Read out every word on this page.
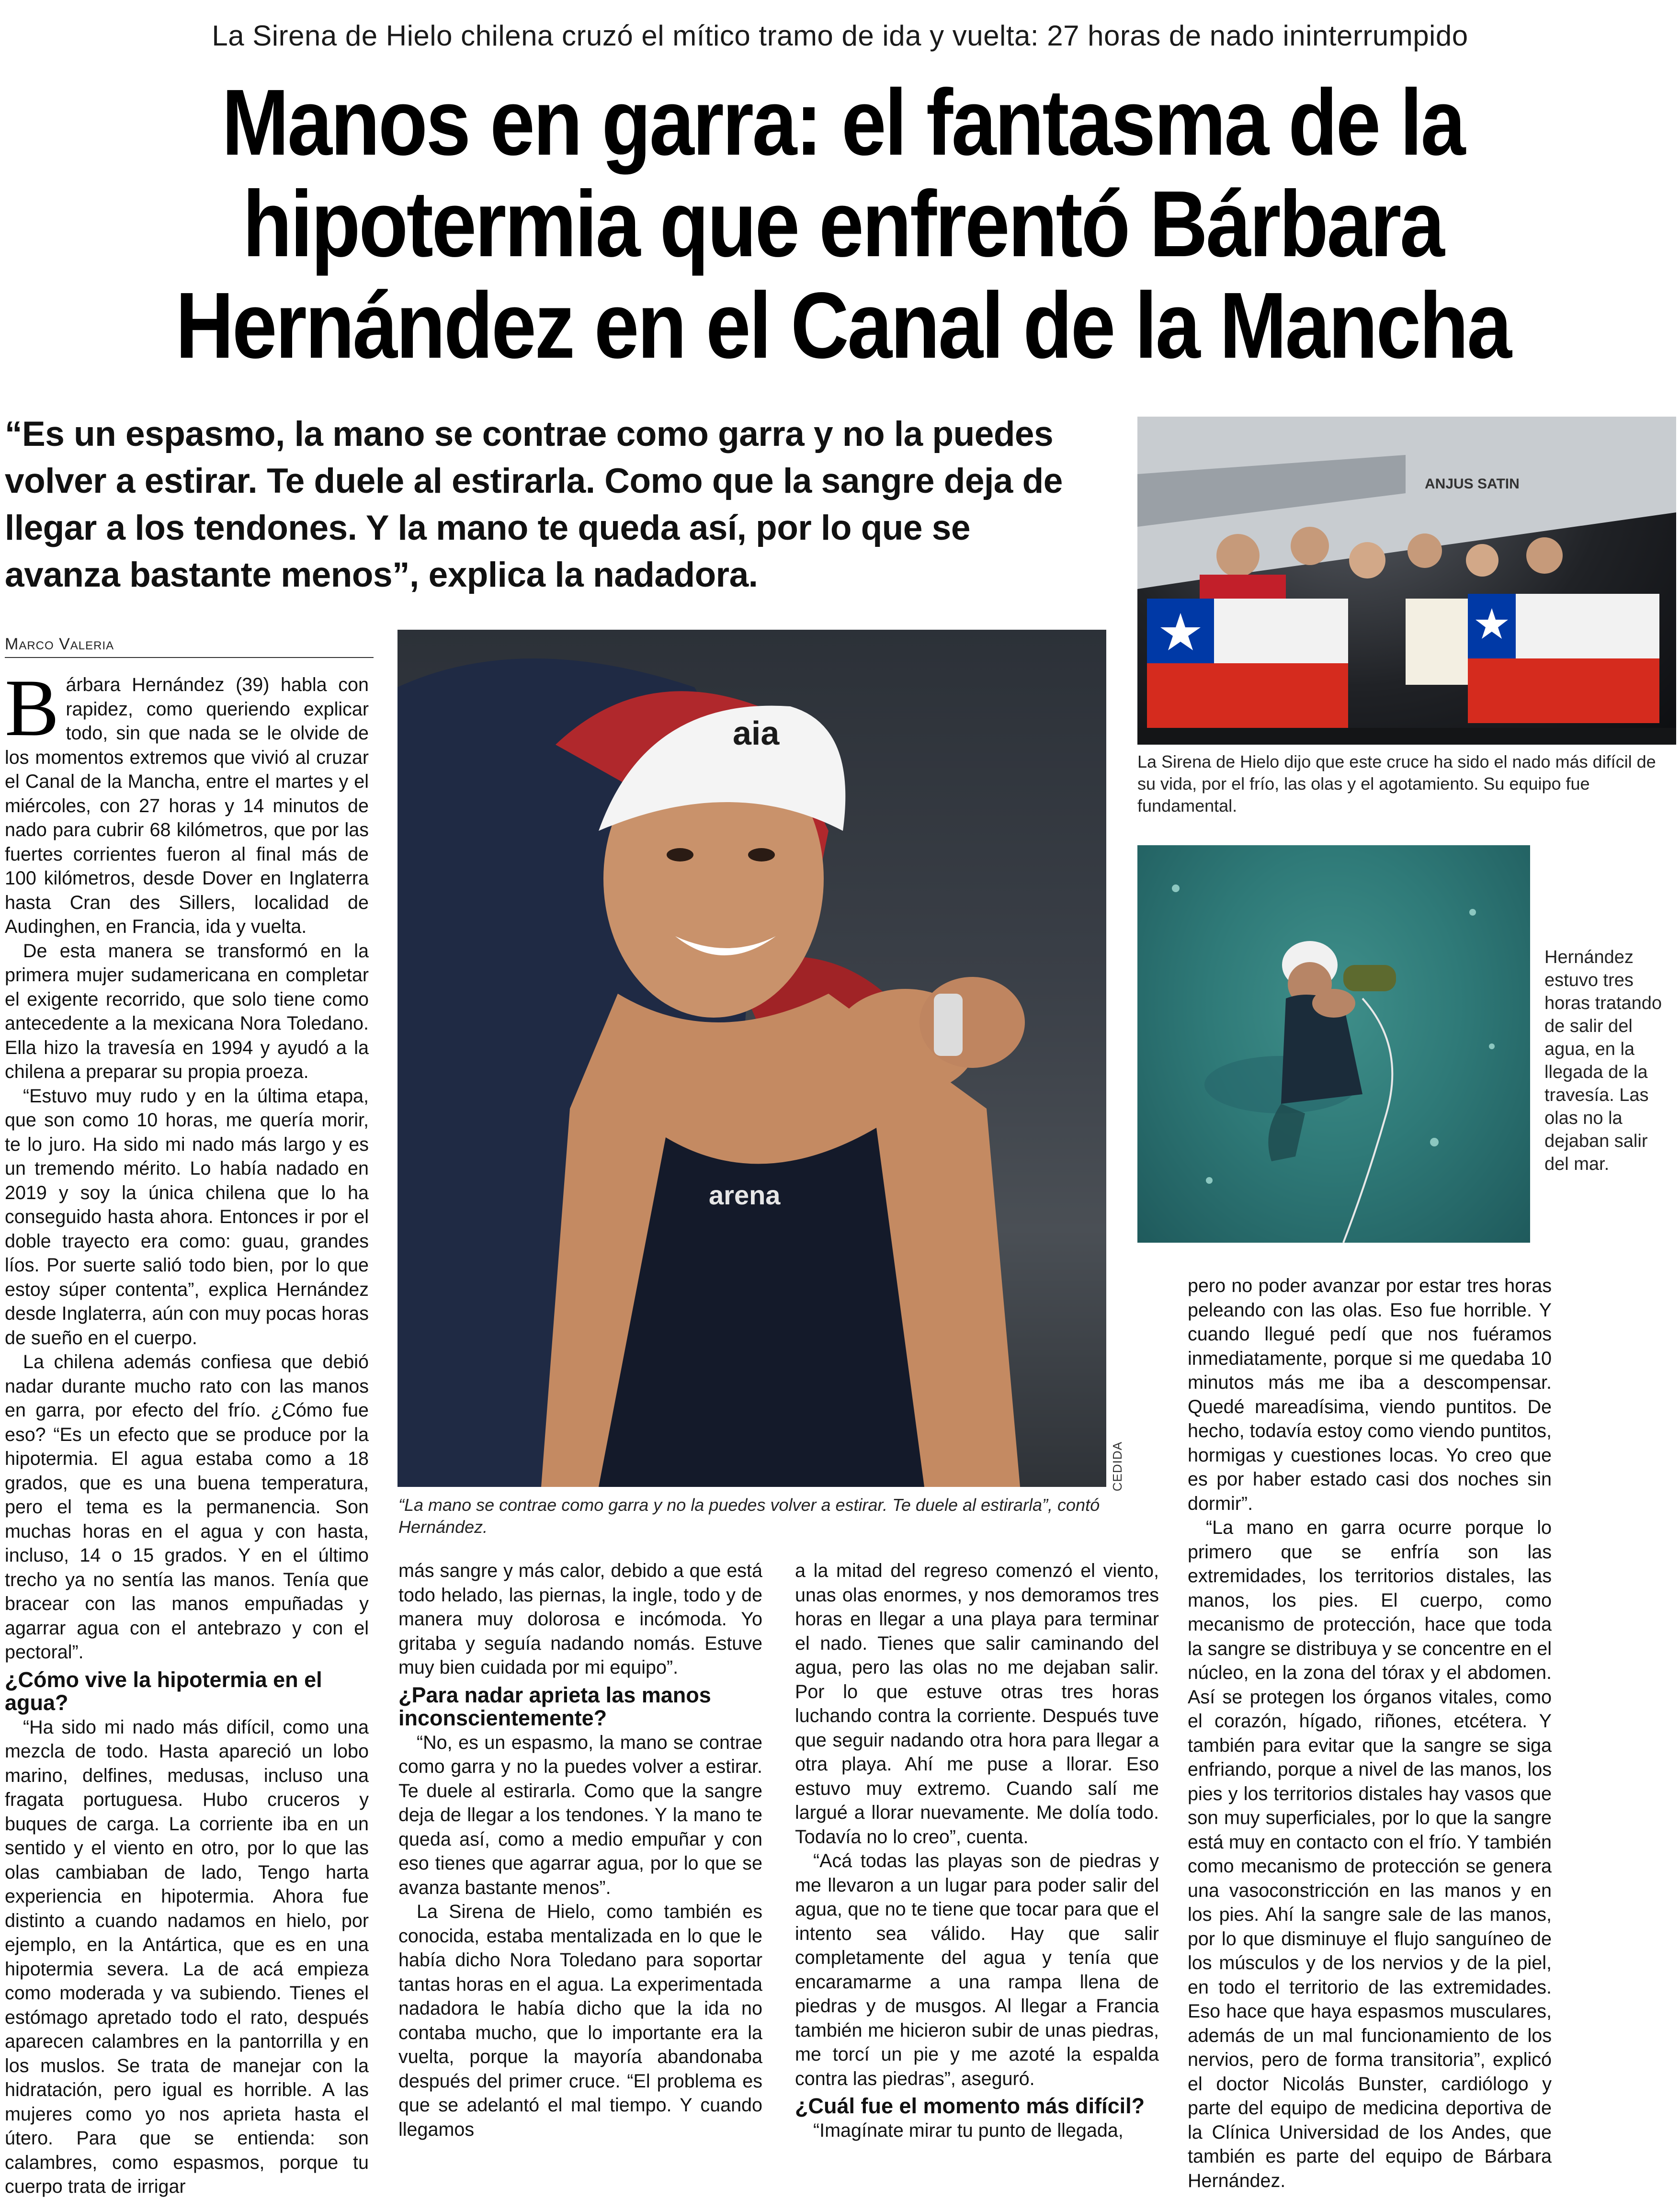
La Sirena de Hielo chilena cruzó el mítico tramo de ida y vuelta: 27 horas de nado ininterrumpido
Manos en garra: el fantasma de la
hipotermia que enfrentó Bárbara
Hernández en el Canal de la Mancha
“Es un espasmo, la mano se contrae como garra y no la puedes volver a estirar. Te duele al estirarla. Como que la sangre deja de llegar a los tendones. Y la mano te queda así, por lo que se avanza bastante menos”, explica la nadadora.
Marco Valeria

Bárbara Hernández (39) habla con rapidez, como queriendo explicar todo, sin que nada se le olvide de los momentos extremos que vivió al cruzar el Canal de la Mancha, entre el martes y el miércoles, con 27 horas y 14 minutos de nado para cubrir 68 kilómetros, que por las fuertes corrientes fueron al final más de 100 kilómetros, desde Dover en Inglaterra hasta Cran des Sillers, localidad de Audinghen, en Francia, ida y vuelta.

De esta manera se transformó en la primera mujer sudamericana en completar el exigente recorrido, que solo tiene como antecedente a la mexicana Nora Toledano. Ella hizo la travesía en 1994 y ayudó a la chilena a preparar su propia proeza.

“Estuvo muy rudo y en la última etapa, que son como 10 horas, me quería morir, te lo juro. Ha sido mi nado más largo y es un tremendo mérito. Lo había nadado en 2019 y soy la única chilena que lo ha conseguido hasta ahora. Entonces ir por el doble trayecto era como: guau, grandes líos. Por suerte salió todo bien, por lo que estoy súper contenta”, explica Hernández desde Inglaterra, aún con muy pocas horas de sueño en el cuerpo.

La chilena además confiesa que debió nadar durante mucho rato con las manos en garra, por efecto del frío. ¿Cómo fue eso? “Es un efecto que se produce por la hipotermia. El agua estaba como a 18 grados, que es una buena temperatura, pero el tema es la permanencia. Son muchas horas en el agua y con hasta, incluso, 14 o 15 grados. Y en el último trecho ya no sentía las manos. Tenía que bracear con las manos empuñadas y agarrar agua con el antebrazo y con el pectoral”.

¿Cómo vive la hipotermia en el agua?

“Ha sido mi nado más difícil, como una mezcla de todo. Hasta apareció un lobo marino, delfines, medusas, incluso una fragata portuguesa. Hubo cruceros y buques de carga. La corriente iba en un sentido y el viento en otro, por lo que las olas cambiaban de lado, Tengo harta experiencia en hipotermia. Ahora fue distinto a cuando nadamos en hielo, por ejemplo, en la Antártica, que es en una hipotermia severa. La de acá empieza como moderada y va subiendo. Tienes el estómago apretado todo el rato, después aparecen calambres en la pantorrilla y en los muslos. Se trata de manejar con la hidratación, pero igual es horrible. A las mujeres como yo nos aprieta hasta el útero. Para que se entienda: son calambres, como espasmos, porque tu cuerpo trata de irrigar

aia
arena
CEDIDA
“La mano se contrae como garra y no la puedes volver a estirar. Te duele al estirarla”, contó Hernández.

más sangre y más calor, debido a que está todo helado, las piernas, la ingle, todo y de manera muy dolorosa e incómoda. Yo gritaba y seguía nadando nomás. Estuve muy bien cuidada por mi equipo”.

¿Para nadar aprieta las manos inconscientemente?

“No, es un espasmo, la mano se contrae como garra y no la puedes volver a estirar. Te duele al estirarla. Como que la sangre deja de llegar a los tendones. Y la mano te queda así, como a medio empuñar y con eso tienes que agarrar agua, por lo que se avanza bastante menos”.

La Sirena de Hielo, como también es conocida, estaba mentalizada en lo que le había dicho Nora Toledano para soportar tantas horas en el agua. La experimentada nadadora le había dicho que la ida no contaba mucho, que lo importante era la vuelta, porque la mayoría abandonaba después del primer cruce. “El problema es que se adelantó el mal tiempo. Y cuando llegamos

a la mitad del regreso comenzó el viento, unas olas enormes, y nos demoramos tres horas en llegar a una playa para terminar el nado. Tienes que salir caminando del agua, pero las olas no me dejaban salir. Por lo que estuve otras tres horas luchando contra la corriente. Después tuve que seguir nadando otra hora para llegar a otra playa. Ahí me puse a llorar. Eso estuvo muy extremo. Cuando salí me largué a llorar nuevamente. Me dolía todo. Todavía no lo creo”, cuenta.

“Acá todas las playas son de piedras y me llevaron a un lugar para poder salir del agua, que no te tiene que tocar para que el intento sea válido. Hay que salir completamente del agua y tenía que encaramarme a una rampa llena de piedras y de musgos. Al llegar a Francia también me hicieron subir de unas piedras, me torcí un pie y me azoté la espalda contra las piedras”, aseguró.

¿Cuál fue el momento más difícil?

“Imagínate mirar tu punto de llegada,

ANJUS SATIN
La Sirena de Hielo dijo que este cruce ha sido el nado más difícil de su vida, por el frío, las olas y el agotamiento. Su equipo fue fundamental.
Hernández estuvo tres horas tratando de salir del agua, en la llegada de la travesía. Las olas no la dejaban salir del mar.

pero no poder avanzar por estar tres horas peleando con las olas. Eso fue horrible. Y cuando llegué pedí que nos fuéramos inmediatamente, porque si me quedaba 10 minutos más me iba a descompensar. Quedé mareadísima, viendo puntitos. De hecho, todavía estoy como viendo puntitos, hormigas y cuestiones locas. Yo creo que es por haber estado casi dos noches sin dormir”.

“La mano en garra ocurre porque lo primero que se enfría son las extremidades, los territorios distales, las manos, los pies. El cuerpo, como mecanismo de protección, hace que toda la sangre se distribuya y se concentre en el núcleo, en la zona del tórax y el abdomen. Así se protegen los órganos vitales, como el corazón, hígado, riñones, etcétera. Y también para evitar que la sangre se siga enfriando, porque a nivel de las manos, los pies y los territorios distales hay vasos que son muy superficiales, por lo que la sangre está muy en contacto con el frío. Y también como mecanismo de protección se genera una vasoconstricción en las manos y en los pies. Ahí la sangre sale de las manos, por lo que disminuye el flujo sanguíneo de los músculos y de los nervios y de la piel, en todo el territorio de las extremidades. Eso hace que haya espasmos musculares, además de un mal funcionamiento de los nervios, pero de forma transitoria”, explicó el doctor Nicolás Bunster, cardiólogo y parte del equipo de medicina deportiva de la Clínica Universidad de los Andes, que también es parte del equipo de Bárbara Hernández.
